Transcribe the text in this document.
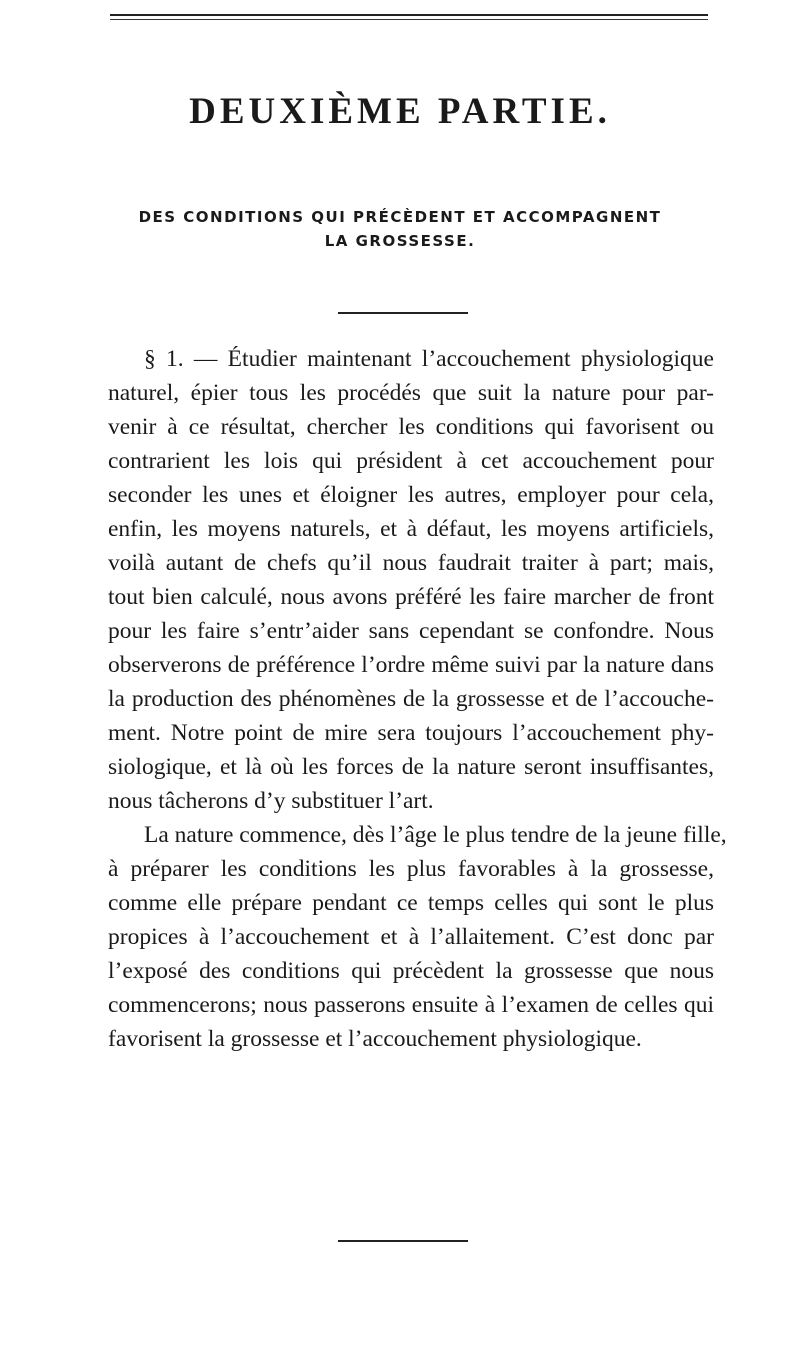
DEUXIÈME PARTIE.
DES CONDITIONS QUI PRÉCÈDENT ET ACCOMPAGNENT
LA GROSSESSE.
§ 1. — Étudier maintenant l’accouchement physiologique
naturel, épier tous les procédés que suit la nature pour par-
venir à ce résultat, chercher les conditions qui favorisent ou
contrarient les lois qui président à cet accouchement pour
seconder les unes et éloigner les autres, employer pour cela,
enfin, les moyens naturels, et à défaut, les moyens artificiels,
voilà autant de chefs qu’il nous faudrait traiter à part; mais,
tout bien calculé, nous avons préféré les faire marcher de front
pour les faire s’entr’aider sans cependant se confondre. Nous
observerons de préférence l’ordre même suivi par la nature dans
la production des phénomènes de la grossesse et de l’accouche-
ment. Notre point de mire sera toujours l’accouchement phy-
siologique, et là où les forces de la nature seront insuffisantes,
nous tâcherons d’y substituer l’art.
La nature commence, dès l’âge le plus tendre de la jeune fille,
à préparer les conditions les plus favorables à la grossesse,
comme elle prépare pendant ce temps celles qui sont le plus
propices à l’accouchement et à l’allaitement. C’est donc par
l’exposé des conditions qui précèdent la grossesse que nous
commencerons; nous passerons ensuite à l’examen de celles qui
favorisent la grossesse et l’accouchement physiologique.
